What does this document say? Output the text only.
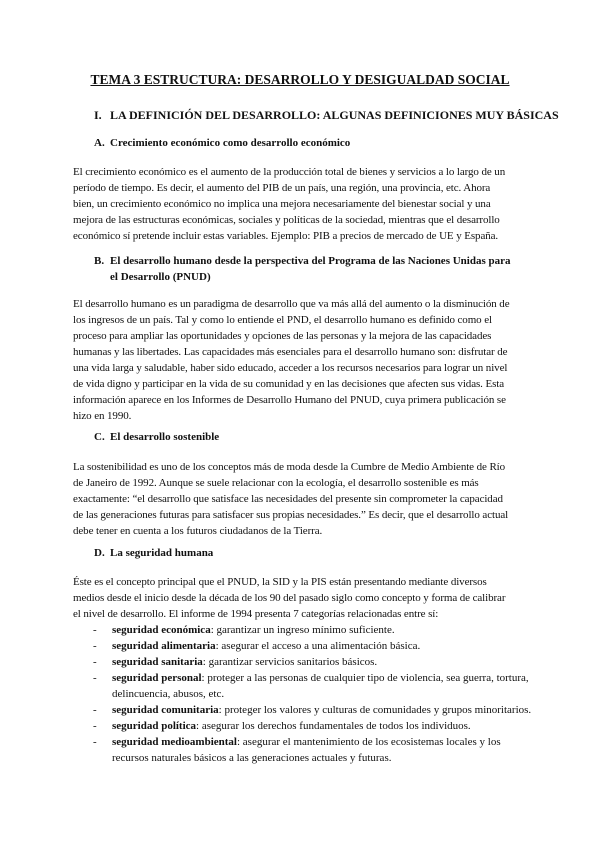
TEMA 3 ESTRUCTURA: DESARROLLO Y DESIGUALDAD SOCIAL
I. LA DEFINICIÓN DEL DESARROLLO: ALGUNAS DEFINICIONES MUY BÁSICAS
A. Crecimiento económico como desarrollo económico
El crecimiento económico es el aumento de la producción total de bienes y servicios a lo largo de un
período de tiempo. Es decir, el aumento del PIB de un país, una región, una provincia, etc. Ahora
bien, un crecimiento económico no implica una mejora necesariamente del bienestar social y una
mejora de las estructuras económicas, sociales y políticas de la sociedad, mientras que el desarrollo
económico sí pretende incluir estas variables. Ejemplo: PIB a precios de mercado de UE y España.
B. El desarrollo humano desde la perspectiva del Programa de las Naciones Unidas para el Desarrollo (PNUD)
El desarrollo humano es un paradigma de desarrollo que va más allá del aumento o la disminución de
los ingresos de un país. Tal y como lo entiende el PND, el desarrollo humano es definido como el
proceso para ampliar las oportunidades y opciones de las personas y la mejora de las capacidades
humanas y las libertades. Las capacidades más esenciales para el desarrollo humano son: disfrutar de
una vida larga y saludable, haber sido educado, acceder a los recursos necesarios para lograr un nivel
de vida digno y participar en la vida de su comunidad y en las decisiones que afecten sus vidas. Esta
información aparece en los Informes de Desarrollo Humano del PNUD, cuya primera publicación se
hizo en 1990.
C. El desarrollo sostenible
La sostenibilidad es uno de los conceptos más de moda desde la Cumbre de Medio Ambiente de Río
de Janeiro de 1992. Aunque se suele relacionar con la ecología, el desarrollo sostenible es más
exactamente: “el desarrollo que satisface las necesidades del presente sin comprometer la capacidad
de las generaciones futuras para satisfacer sus propias necesidades.” Es decir, que el desarrollo actual
debe tener en cuenta a los futuros ciudadanos de la Tierra.
D. La seguridad humana
Éste es el concepto principal que el PNUD, la SID y la PIS están presentando mediante diversos
medios desde el inicio desde la década de los 90 del pasado siglo como concepto y forma de calibrar
el nivel de desarrollo. El informe de 1994 presenta 7 categorías relacionadas entre sí:
-	seguridad económica: garantizar un ingreso mínimo suficiente.
-	seguridad alimentaria: asegurar el acceso a una alimentación básica.
-	seguridad sanitaria: garantizar servicios sanitarios básicos.
-	seguridad personal: proteger a las personas de cualquier tipo de violencia, sea guerra, tortura, delincuencia, abusos, etc.
-	seguridad comunitaria: proteger los valores y culturas de comunidades y grupos minoritarios.
-	seguridad política: asegurar los derechos fundamentales de todos los individuos.
-	seguridad medioambiental: asegurar el mantenimiento de los ecosistemas locales y los recursos naturales básicos a las generaciones actuales y futuras.
